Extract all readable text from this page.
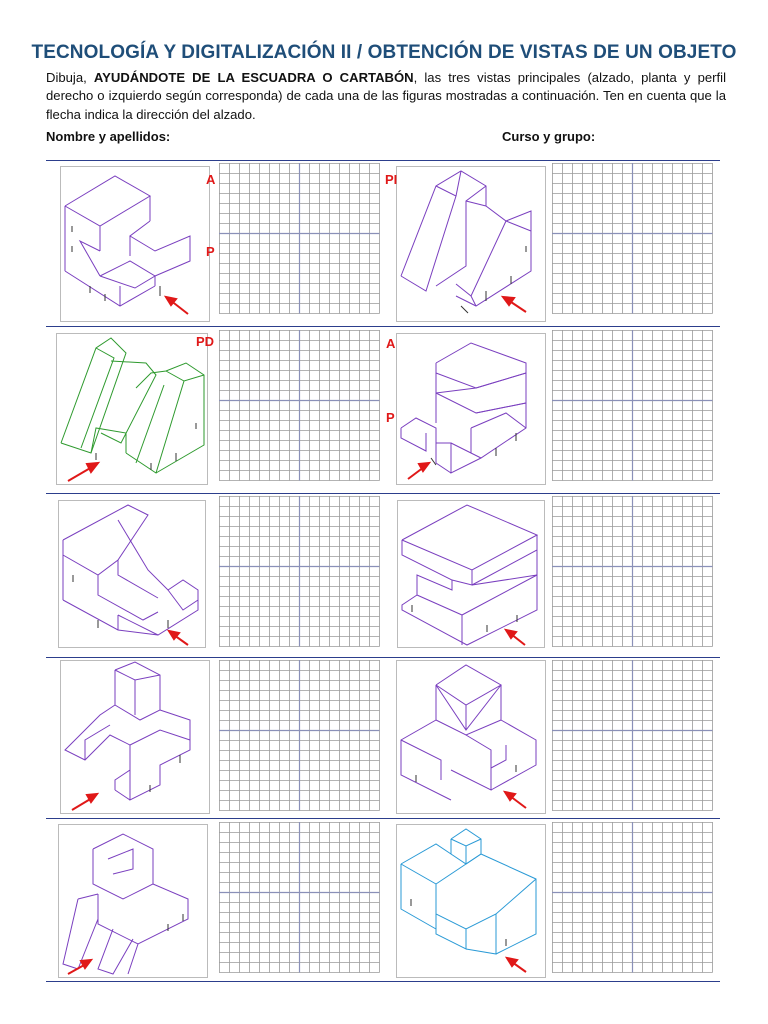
TECNOLOGÍA Y DIGITALIZACIÓN II / OBTENCIÓN DE VISTAS DE UN OBJETO

Dibuja, AYUDÁNDOTE DE LA ESCUADRA O CARTABÓN, las tres vistas principales (alzado, planta y perfil derecho o izquierdo según corresponda) de cada una de las figuras mostradas a continuación. Ten en cuenta que la flecha indica la dirección del alzado.

Nombre y apellidos:	Curso y grupo:
A
P
PI
PD	A
P
